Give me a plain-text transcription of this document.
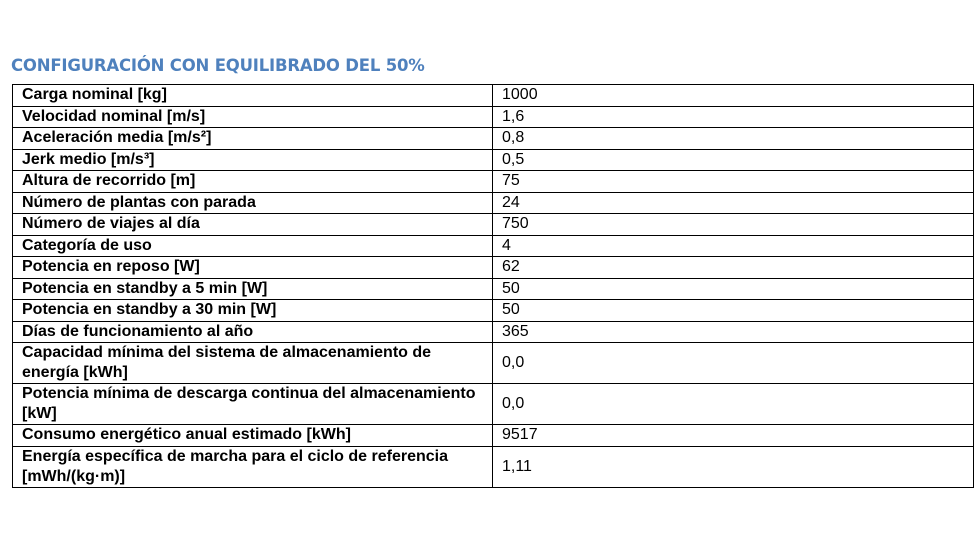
CONFIGURACIÓN CON EQUILIBRADO DEL 50%
Carga nominal [kg]	1000
Velocidad nominal [m/s]	1,6
Aceleración media [m/s²]	0,8
Jerk medio [m/s³]	0,5
Altura de recorrido [m]	75
Número de plantas con parada	24
Número de viajes al día	750
Categoría de uso	4
Potencia en reposo [W]	62
Potencia en standby a 5 min [W]	50
Potencia en standby a 30 min [W]	50
Días de funcionamiento al año	365
Capacidad mínima del sistema de almacenamiento de energía [kWh]	0,0
Potencia mínima de descarga continua del almacenamiento [kW]	0,0
Consumo energético anual estimado [kWh]	9517
Energía específica de marcha para el ciclo de referencia [mWh/(kg·m)]	1,11
